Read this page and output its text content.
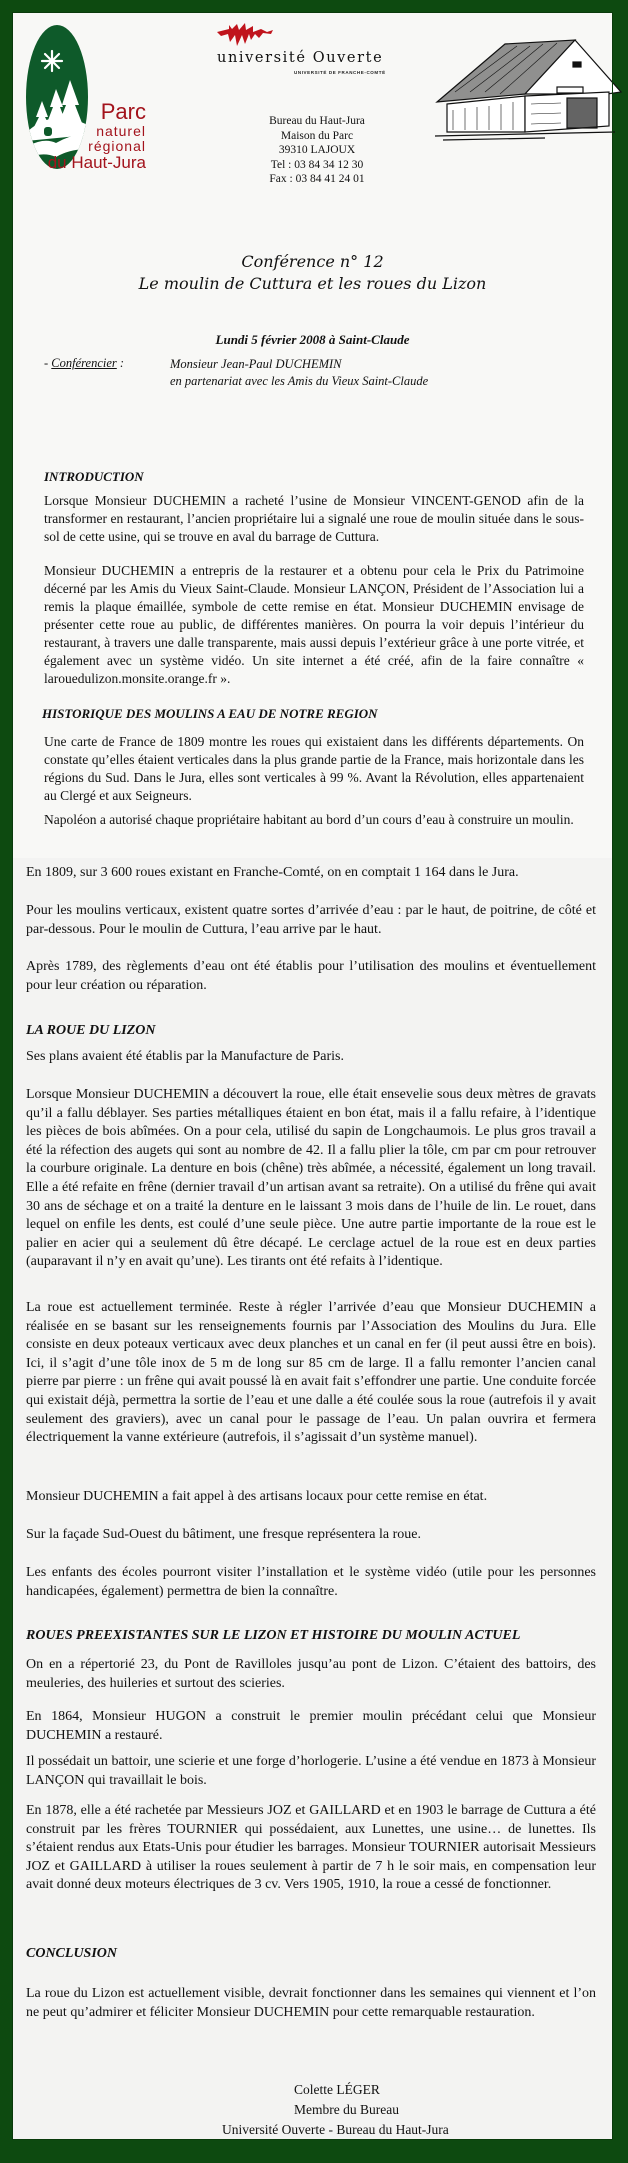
Parc
naturel
régional
du Haut-Jura
université Ouverte
UNIVERSITÉ DE FRANCHE-COMTÉ
Bureau du Haut-Jura
Maison du Parc
39310 LAJOUX
Tel : 03 84 34 12 30
Fax : 03 84 41 24 01
Conférence n° 12
Le moulin de Cuttura et les roues du Lizon
Lundi 5 février 2008 à Saint-Claude
- Conférencier :	Monsieur Jean-Paul DUCHEMIN
en partenariat avec les Amis du Vieux Saint-Claude
INTRODUCTION
Lorsque Monsieur DUCHEMIN a racheté l’usine de Monsieur VINCENT-GENOD afin de la transformer en restaurant, l’ancien propriétaire lui a signalé une roue de moulin située dans le sous-sol de cette usine, qui se trouve en aval du barrage de Cuttura.
Monsieur DUCHEMIN a entrepris de la restaurer et a obtenu pour cela le Prix du Patrimoine décerné par les Amis du Vieux Saint-Claude. Monsieur LANÇON, Président de l’Association lui a remis la plaque émaillée, symbole de cette remise en état. Monsieur DUCHEMIN envisage de présenter cette roue au public, de différentes manières. On pourra la voir depuis l’intérieur du restaurant, à travers une dalle transparente, mais aussi depuis l’extérieur grâce à une porte vitrée, et également avec un système vidéo. Un site internet a été créé, afin de la faire connaître « larouedulizon.monsite.orange.fr ».
HISTORIQUE DES MOULINS A EAU DE NOTRE REGION
Une carte de France de 1809 montre les roues qui existaient dans les différents départements. On constate qu’elles étaient verticales dans la plus grande partie de la France, mais horizontale dans les régions du Sud. Dans le Jura, elles sont verticales à 99 %. Avant la Révolution, elles appartenaient au Clergé et aux Seigneurs.
Napoléon a autorisé chaque propriétaire habitant au bord d’un cours d’eau à construire un moulin.
En 1809, sur 3 600 roues existant en Franche-Comté, on en comptait 1 164 dans le Jura.
Pour les moulins verticaux, existent quatre sortes d’arrivée d’eau : par le haut, de poitrine, de côté et par-dessous. Pour le moulin de Cuttura, l’eau arrive par le haut.
Après 1789, des règlements d’eau ont été établis pour l’utilisation des moulins et éventuellement pour leur création ou réparation.
LA ROUE DU LIZON
Ses plans avaient été établis par la Manufacture de Paris.
Lorsque Monsieur DUCHEMIN a découvert la roue, elle était ensevelie sous deux mètres de gravats qu’il a fallu déblayer. Ses parties métalliques étaient en bon état, mais il a fallu refaire, à l’identique les pièces de bois abîmées. On a pour cela, utilisé du sapin de Longchaumois. Le plus gros travail a été la réfection des augets qui sont au nombre de 42. Il a fallu plier la tôle, cm par cm pour retrouver la courbure originale. La denture en bois (chêne) très abîmée, a nécessité, également un long travail. Elle a été refaite en frêne (dernier travail d’un artisan avant sa retraite). On a utilisé du frêne qui avait 30 ans de séchage et on a traité la denture en le laissant 3 mois dans de l’huile de lin. Le rouet, dans lequel on enfile les dents, est coulé d’une seule pièce. Une autre partie importante de la roue est le palier en acier qui a seulement dû être décapé. Le cerclage actuel de la roue est en deux parties (auparavant il n’y en avait qu’une). Les tirants ont été refaits à l’identique.
La roue est actuellement terminée. Reste à régler l’arrivée d’eau que Monsieur DUCHEMIN a réalisée en se basant sur les renseignements fournis par l’Association des Moulins du Jura. Elle consiste en deux poteaux verticaux avec deux planches et un canal en fer (il peut aussi être en bois). Ici, il s’agit d’une tôle inox de 5 m de long sur 85 cm de large. Il a fallu remonter l’ancien canal pierre par pierre : un frêne qui avait poussé là en avait fait s’effondrer une partie. Une conduite forcée qui existait déjà, permettra la sortie de l’eau et une dalle a été coulée sous la roue (autrefois il y avait seulement des graviers), avec un canal pour le passage de l’eau. Un palan ouvrira et fermera électriquement la vanne extérieure (autrefois, il s’agissait d’un système manuel).
Monsieur DUCHEMIN a fait appel à des artisans locaux pour cette remise en état.
Sur la façade Sud-Ouest du bâtiment, une fresque représentera la roue.
Les enfants des écoles pourront visiter l’installation et le système vidéo (utile pour les personnes handicapées, également) permettra de bien la connaître.
ROUES PREEXISTANTES SUR LE LIZON ET HISTOIRE DU MOULIN ACTUEL
On en a répertorié 23, du Pont de Ravilloles jusqu’au pont de Lizon. C’étaient des battoirs, des meuleries, des huileries et surtout des scieries.
En 1864, Monsieur HUGON a construit le premier moulin précédant celui que Monsieur DUCHEMIN a restauré.
Il possédait un battoir, une scierie et une forge d’horlogerie. L’usine a été vendue en 1873 à Monsieur LANÇON qui travaillait le bois.
En 1878, elle a été rachetée par Messieurs JOZ et GAILLARD et en 1903 le barrage de Cuttura a été construit par les frères TOURNIER qui possédaient, aux Lunettes, une usine… de lunettes. Ils s’étaient rendus aux Etats-Unis pour étudier les barrages. Monsieur TOURNIER autorisait Messieurs JOZ et GAILLARD à utiliser la roues seulement à partir de 7 h le soir mais, en compensation leur avait donné deux moteurs électriques de 3 cv. Vers 1905, 1910, la roue a cessé de fonctionner.
CONCLUSION
La roue du Lizon est actuellement visible, devrait fonctionner dans les semaines qui viennent et l’on ne peut qu’admirer et féliciter Monsieur DUCHEMIN pour cette remarquable restauration.
Colette LÉGER
Membre du Bureau
Université Ouverte - Bureau du Haut-Jura
